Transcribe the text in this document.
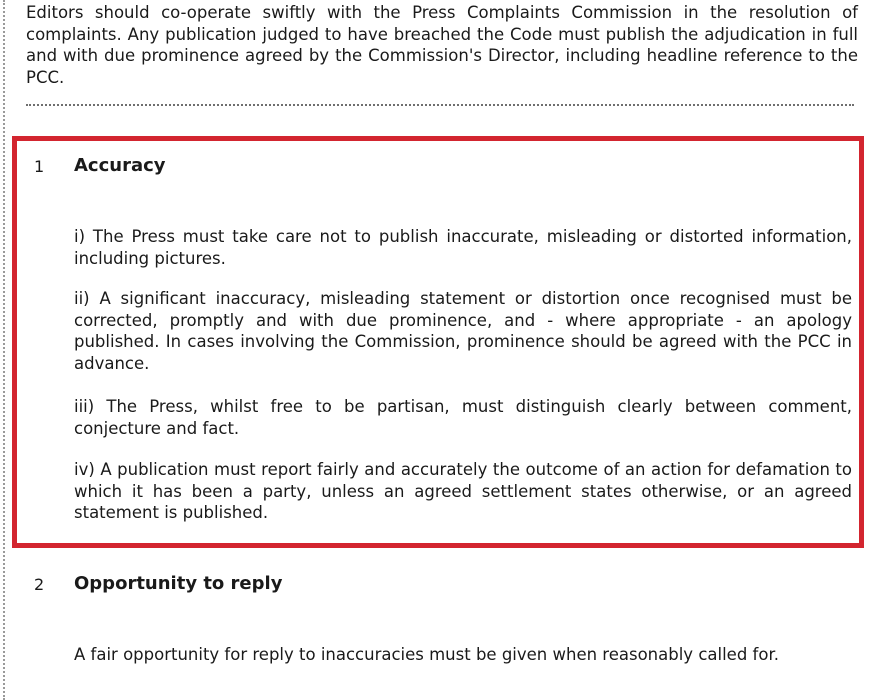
Editors should co-operate swiftly with the Press Complaints Commission in the resolution of complaints. Any publication judged to have breached the Code must publish the adjudication in full and with due prominence agreed by the Commission's Director, including headline reference to the PCC.

1 Accuracy

i) The Press must take care not to publish inaccurate, misleading or distorted information, including pictures.

ii) A significant inaccuracy, misleading statement or distortion once recognised must be corrected, promptly and with due prominence, and - where appropriate - an apology published. In cases involving the Commission, prominence should be agreed with the PCC in advance.

iii) The Press, whilst free to be partisan, must distinguish clearly between comment, conjecture and fact.

iv) A publication must report fairly and accurately the outcome of an action for defamation to which it has been a party, unless an agreed settlement states otherwise, or an agreed statement is published.

2 Opportunity to reply

A fair opportunity for reply to inaccuracies must be given when reasonably called for.
